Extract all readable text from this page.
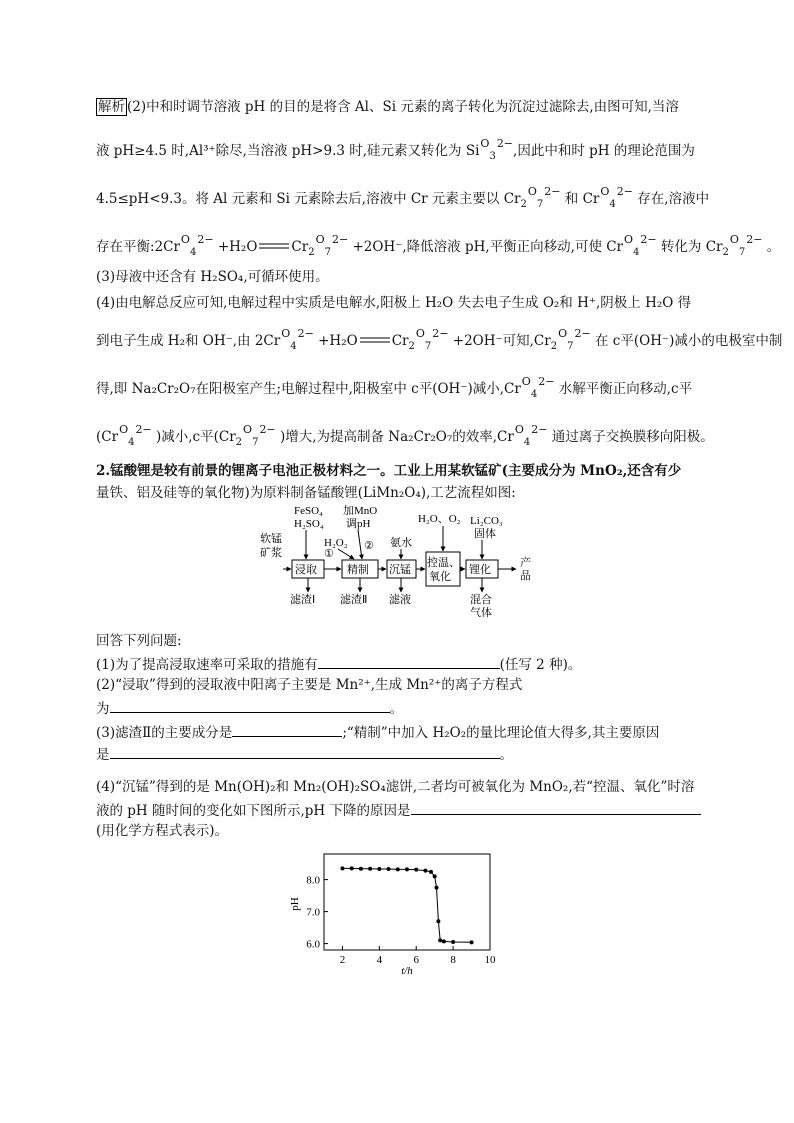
解析 (2)中和时调节溶液 pH 的目的是将含 Al、Si 元素的离子转化为沉淀过滤除去,由图可知,当溶
液 pH≥4.5 时,Al³⁺除尽,当溶液 pH>9.3 时,硅元素又转化为 $Si^O_3^{2-}$,因此中和时 pH 的理论范围为
4.5≤pH<9.3。将 Al 元素和 Si 元素除去后,溶液中 Cr 元素主要以 $Cr_2^O_7^{2-}$ 和 $Cr^O_4^{2-}$ 存在,溶液中
存在平衡$:2Cr^O_4^{2-} +H_2O$	$Cr_2^O_7^{2-} +2OH^-$,降低溶液 pH,平衡正向移动,可使 $Cr^O_4^{2-}$ 转化为 $Cr_2^O_7^{2-}$ 。
(3)母液中还含有 H₂SO₄,可循环使用。
(4)由电解总反应可知,电解过程中实质是电解水,阳极上 H₂O 失去电子生成 O₂和 H⁺,阴极上 H₂O 得
到电子生成 H₂和 OH⁻,由 $2Cr^O_4^{2-} +H_2O$	$Cr_2^O_7^{2-} +2OH^-$可知$,Cr_2^O_7^{2-}$ 在 c平(OH⁻)减小的电极室中制
得,即 Na₂Cr₂O₇在阳极室产生;电解过程中,阳极室中 c平(OH⁻)减小$,Cr^O_4^{2-}$ 水解平衡正向移动,c平
($Cr^O_4^{2-}$ )减小,c平($Cr_2^O_7^{2-}$ )增大,为提高制备 Na₂Cr₂O₇的效率$,Cr^O_4^{2-}$ 通过离子交换膜移向阳极。
2.锰酸锂是较有前景的锂离子电池正极材料之一。工业上用某软锰矿(主要成分为 MnO₂,还含有少
量铁、铝及硅等的氧化物)为原料制备锰酸锂(LiMn₂O₄),工艺流程如图:
软锰
矿浆
FeSO₄
H₂SO₄
加MnO
调pH
H₂O₂
①
② 氨水
H₂O、O₂ Li₂CO₃
固体
浸取	精制 沉锰
控温、
氧化
锂化
产
品
滤渣Ⅰ 滤渣Ⅱ 滤液	混合
气体
回答下列问题:
(1)为了提高浸取速率可采取的措施有	(任写 2 种)。
(2)“浸取”得到的浸取液中阳离子主要是 Mn²⁺,生成 Mn²⁺的离子方程式
为	。
(3)滤渣Ⅱ的主要成分是	;“精制”中加入 H₂O₂的量比理论值大得多,其主要原因
是	。
(4)“沉锰”得到的是 Mn(OH)₂和 Mn₂(OH)₂SO₄滤饼,二者均可被氧化为 MnO₂,若“控温、氧化”时溶
液的 pH 随时间的变化如下图所示,pH 下降的原因是
(用化学方程式表示)。
2	4	6	8	10
6.0
7.0
8.0
t/h
pH
